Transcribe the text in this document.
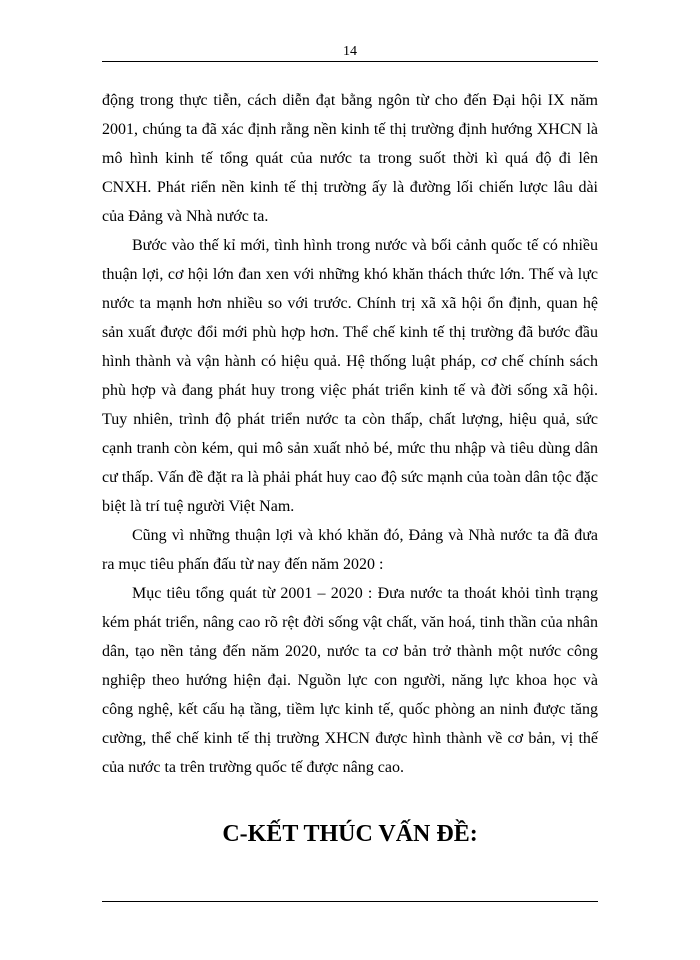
14

động trong thực tiễn, cách diễn đạt bằng ngôn từ cho đến Đại hội IX năm 2001, chúng ta đã xác định rằng nền kinh tế thị trường định hướng XHCN là mô hình kinh tế tổng quát của nước ta trong suốt thời kì quá độ đi lên CNXH. Phát riển nền kinh tế thị trường ấy là đường lối chiến lược lâu dài của Đảng và Nhà nước ta.

Bước vào thế kỉ mới, tình hình trong nước và bối cảnh quốc tế có nhiều thuận lợi, cơ hội lớn đan xen với những khó khăn thách thức lớn. Thế và lực nước ta mạnh hơn nhiều so với trước. Chính trị xã xã hội ổn định, quan hệ sản xuất được đổi mới phù hợp hơn. Thể chế kinh tế thị trường đã bước đầu hình thành và vận hành có hiệu quả. Hệ thống luật pháp, cơ chế chính sách phù hợp và đang phát huy trong việc phát triển kinh tế và đời sống xã hội. Tuy nhiên, trình độ phát triển nước ta còn thấp, chất lượng, hiệu quả, sức cạnh tranh còn kém, qui mô sản xuất nhỏ bé, mức thu nhập và tiêu dùng dân cư thấp. Vấn đề đặt ra là phải phát huy cao độ sức mạnh của toàn dân tộc đặc biệt là trí tuệ người Việt Nam.

Cũng vì những thuận lợi và khó khăn đó, Đảng và Nhà nước ta đã đưa ra mục tiêu phấn đấu từ nay đến năm 2020 :

Mục tiêu tổng quát từ 2001 – 2020 : Đưa nước ta thoát khỏi tình trạng kém phát triển, nâng cao rõ rệt đời sống vật chất, văn hoá, tinh thần của nhân dân, tạo nền tảng đến năm 2020, nước ta cơ bản trở thành một nước công nghiệp theo hướng hiện đại. Nguồn lực con người, năng lực khoa học và công nghệ, kết cấu hạ tầng, tiềm lực kinh tế, quốc phòng an ninh được tăng cường, thể chế kinh tế thị trường XHCN được hình thành về cơ bản, vị thế của nước ta trên trường quốc tế được nâng cao.

C-KẾT THÚC VẤN ĐỀ:
